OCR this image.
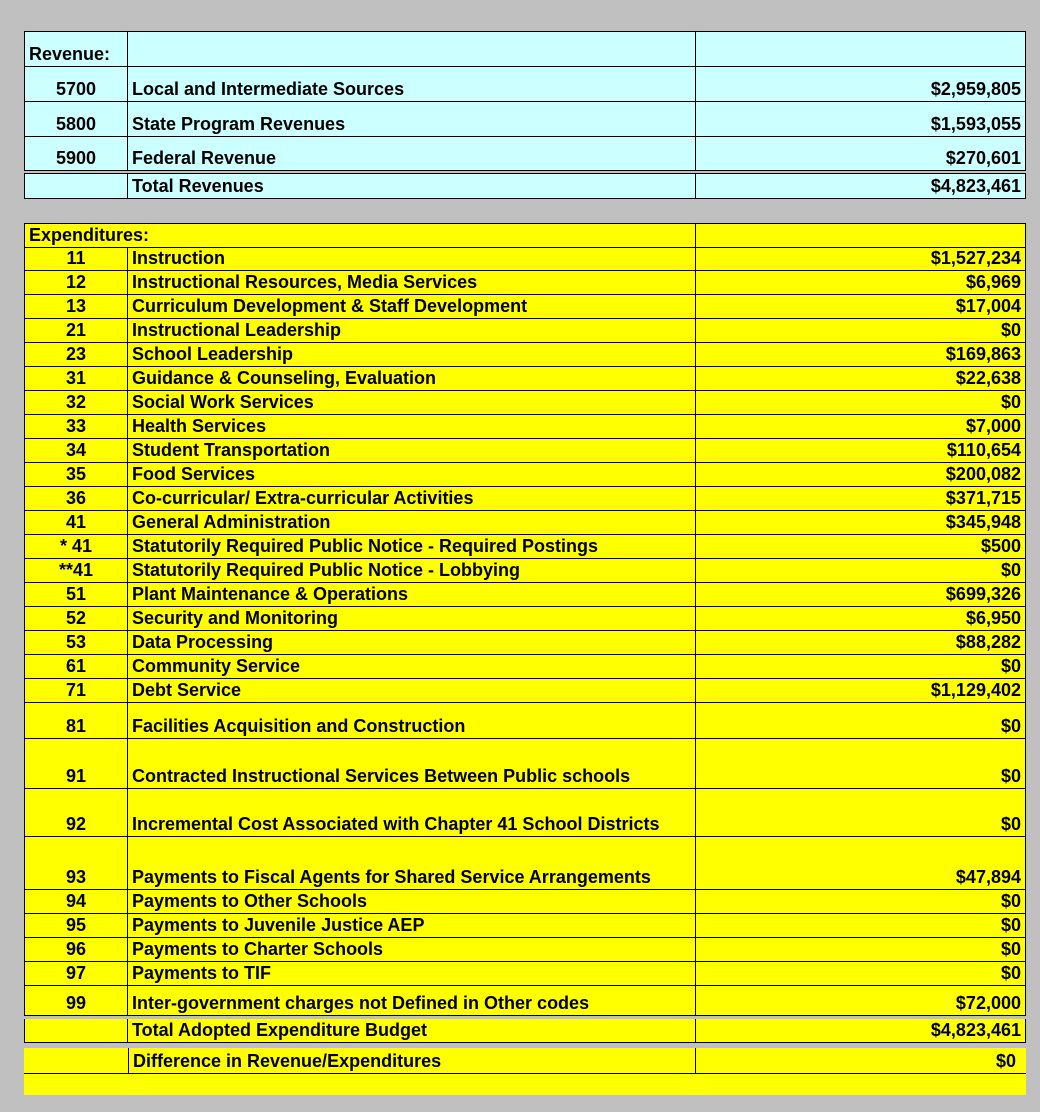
Revenue:
5700	Local and Intermediate Sources	$2,959,805
5800	State Program Revenues	$1,593,055
5900	Federal Revenue	$270,601
Total Revenues	$4,823,461
Expenditures:
11	Instruction	$1,527,234
12	Instructional Resources, Media Services	$6,969
13	Curriculum Development & Staff Development	$17,004
21	Instructional Leadership	$0
23	School Leadership	$169,863
31	Guidance & Counseling, Evaluation	$22,638
32	Social Work Services	$0
33	Health Services	$7,000
34	Student Transportation	$110,654
35	Food Services	$200,082
36	Co-curricular/ Extra-curricular Activities	$371,715
41	General Administration	$345,948
* 41	Statutorily Required Public Notice - Required Postings	$500
**41	Statutorily Required Public Notice - Lobbying	$0
51	Plant Maintenance & Operations	$699,326
52	Security and Monitoring	$6,950
53	Data Processing	$88,282
61	Community Service	$0
71	Debt Service	$1,129,402
81	Facilities Acquisition and Construction	$0
91	Contracted Instructional Services Between Public schools	$0
92	Incremental Cost Associated with Chapter 41 School Districts	$0
93	Payments to Fiscal Agents for Shared Service Arrangements	$47,894
94	Payments to Other Schools	$0
95	Payments to Juvenile Justice AEP	$0
96	Payments to Charter Schools	$0
97	Payments to TIF	$0
99	Inter-government charges not Defined in Other codes	$72,000
Total Adopted Expenditure Budget	$4,823,461
Difference in Revenue/Expenditures	$0
